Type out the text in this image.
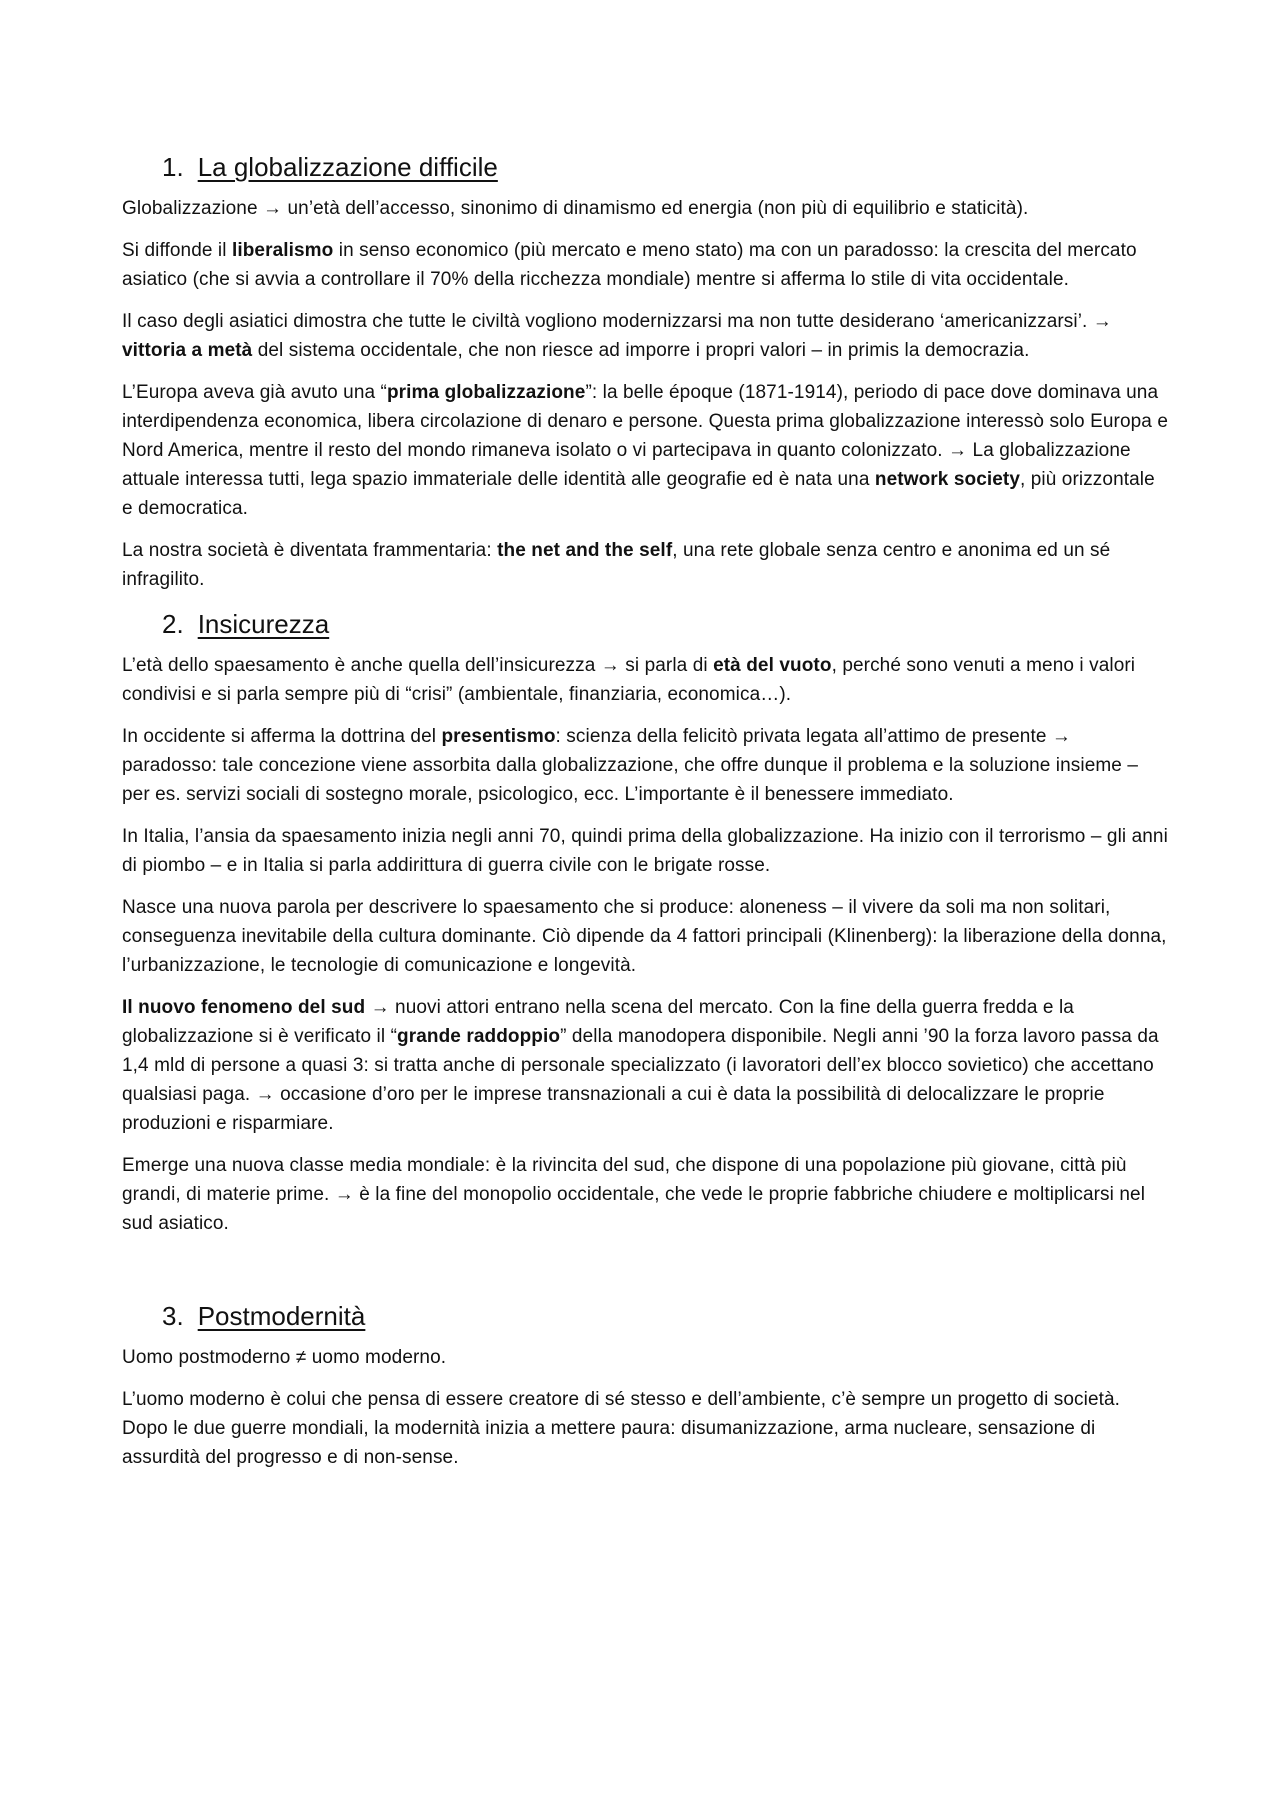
1. La globalizzazione difficile

Globalizzazione → un’età dell’accesso, sinonimo di dinamismo ed energia (non più di equilibrio e staticità).

Si diffonde il liberalismo in senso economico (più mercato e meno stato) ma con un paradosso: la crescita del mercato asiatico (che si avvia a controllare il 70% della ricchezza mondiale) mentre si afferma lo stile di vita occidentale.

Il caso degli asiatici dimostra che tutte le civiltà vogliono modernizzarsi ma non tutte desiderano ‘americanizzarsi’. → vittoria a metà del sistema occidentale, che non riesce ad imporre i propri valori – in primis la democrazia.

L’Europa aveva già avuto una “prima globalizzazione”: la belle époque (1871-1914), periodo di pace dove dominava una interdipendenza economica, libera circolazione di denaro e persone. Questa prima globalizzazione interessò solo Europa e Nord America, mentre il resto del mondo rimaneva isolato o vi partecipava in quanto colonizzato. → La globalizzazione attuale interessa tutti, lega spazio immateriale delle identità alle geografie ed è nata una network society, più orizzontale e democratica.

La nostra società è diventata frammentaria: the net and the self, una rete globale senza centro e anonima ed un sé infragilito.

2. Insicurezza

L’età dello spaesamento è anche quella dell’insicurezza → si parla di età del vuoto, perché sono venuti a meno i valori condivisi e si parla sempre più di “crisi” (ambientale, finanziaria, economica…).

In occidente si afferma la dottrina del presentismo: scienza della felicitò privata legata all’attimo de presente → paradosso: tale concezione viene assorbita dalla globalizzazione, che offre dunque il problema e la soluzione insieme – per es. servizi sociali di sostegno morale, psicologico, ecc. L’importante è il benessere immediato.

In Italia, l’ansia da spaesamento inizia negli anni 70, quindi prima della globalizzazione. Ha inizio con il terrorismo – gli anni di piombo – e in Italia si parla addirittura di guerra civile con le brigate rosse.

Nasce una nuova parola per descrivere lo spaesamento che si produce: aloneness – il vivere da soli ma non solitari, conseguenza inevitabile della cultura dominante. Ciò dipende da 4 fattori principali (Klinenberg): la liberazione della donna, l’urbanizzazione, le tecnologie di comunicazione e longevità.

Il nuovo fenomeno del sud → nuovi attori entrano nella scena del mercato. Con la fine della guerra fredda e la globalizzazione si è verificato il “grande raddoppio” della manodopera disponibile. Negli anni ’90 la forza lavoro passa da 1,4 mld di persone a quasi 3: si tratta anche di personale specializzato (i lavoratori dell’ex blocco sovietico) che accettano qualsiasi paga. → occasione d’oro per le imprese transnazionali a cui è data la possibilità di delocalizzare le proprie produzioni e risparmiare.

Emerge una nuova classe media mondiale: è la rivincita del sud, che dispone di una popolazione più giovane, città più grandi, di materie prime. → è la fine del monopolio occidentale, che vede le proprie fabbriche chiudere e moltiplicarsi nel sud asiatico.

3. Postmodernità

Uomo postmoderno ≠ uomo moderno.

L’uomo moderno è colui che pensa di essere creatore di sé stesso e dell’ambiente, c’è sempre un progetto di società. Dopo le due guerre mondiali, la modernità inizia a mettere paura: disumanizzazione, arma nucleare, sensazione di assurdità del progresso e di non-sense.
